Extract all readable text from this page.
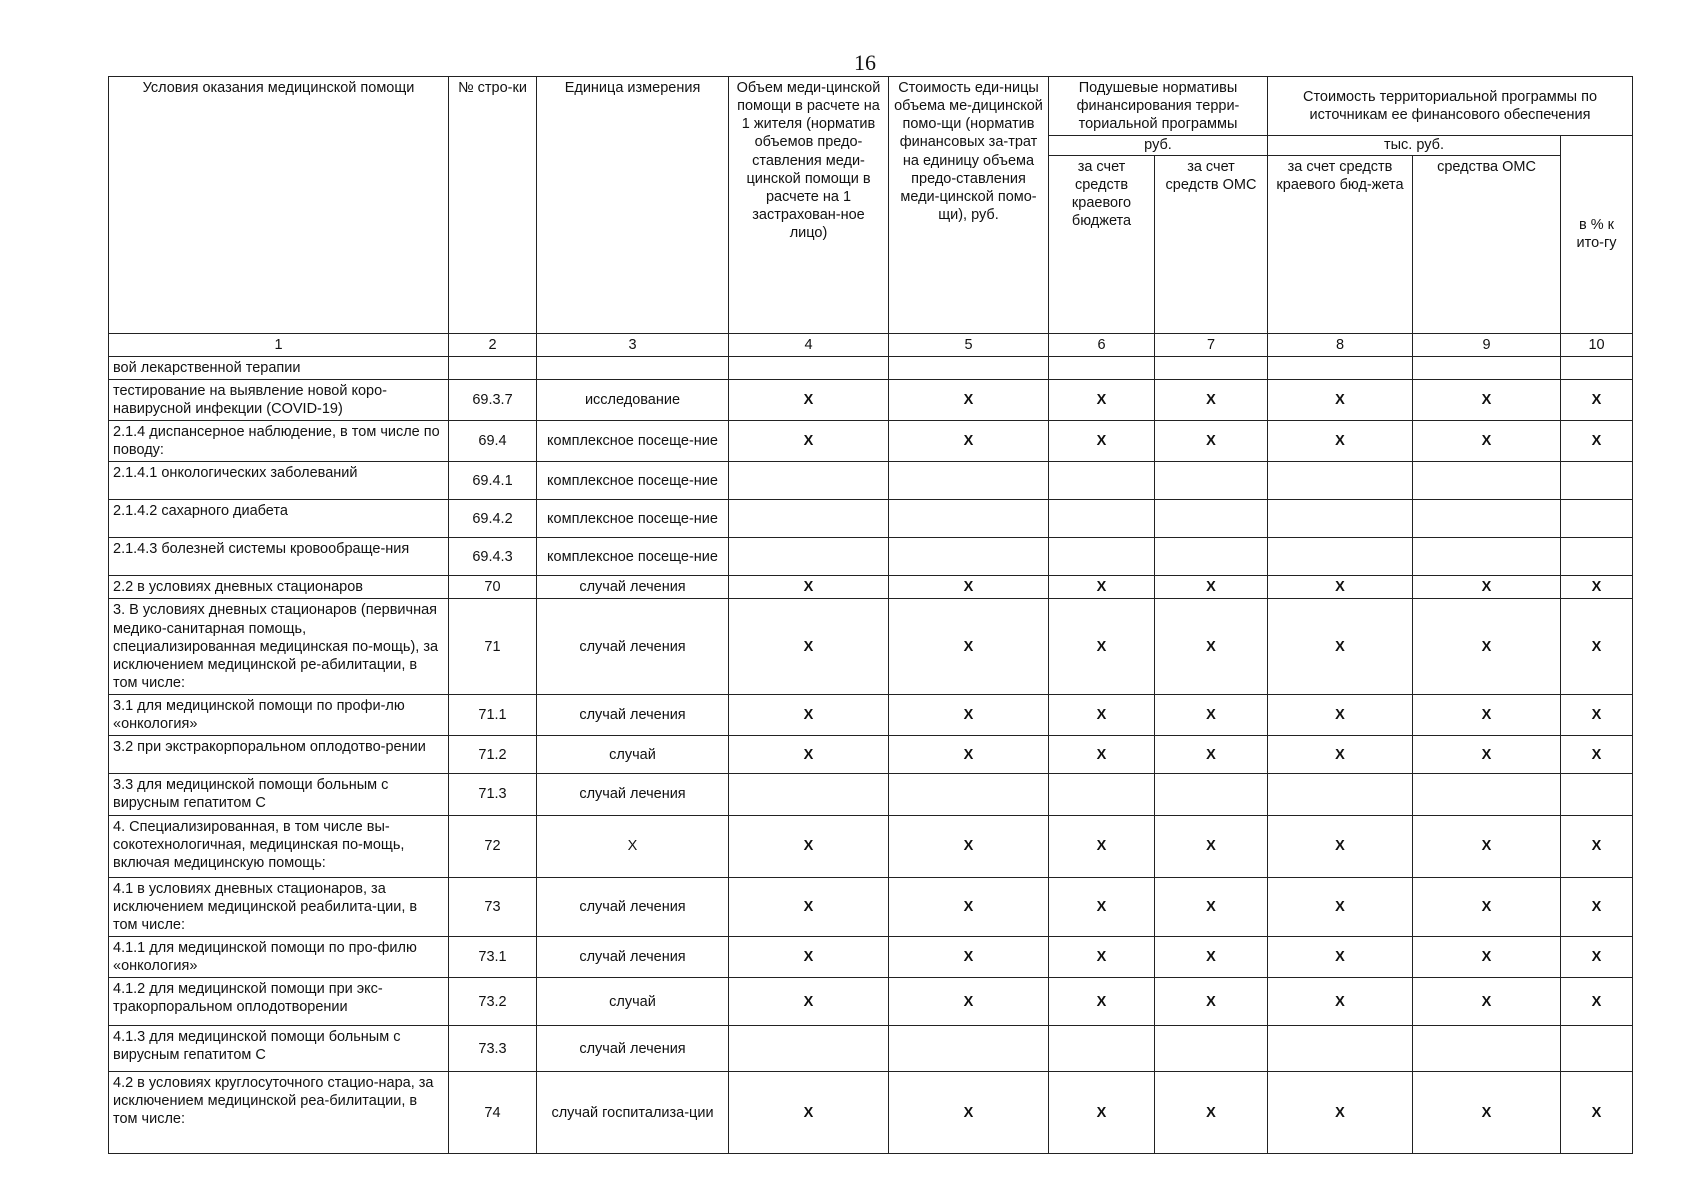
16
Условия оказания медицинской помощи	№ стро-ки	Единица измерения	Объем меди-цинской помощи в расчете на 1 жителя (норматив объемов предо-ставления меди-цинской помощи в расчете на 1 застрахован-ное лицо)	Стоимость еди-ницы объема ме-дицинской помо-щи (норматив финансовых за-трат на единицу объема предо-ставления меди-цинской помо-щи), руб.	Подушевые нормативы финансирования терри-ториальной программы		Стоимость территориальной программы по источникам ее финансового обеспечения		
					руб.		тыс. руб.		в % к ито-гу
					за счет средств краевого бюджета	за счет средств ОМС	за счет средств краевого бюд-жета	средства ОМС	
1	2	3	4	5	6	7	8	9	10
вой лекарственной терапии									
тестирование на выявление новой коро-навирусной инфекции (COVID-19)	69.3.7	исследование	X	X	X	X	X	X	X
2.1.4 диспансерное наблюдение, в том числе по поводу:	69.4	комплексное посеще-ние	X	X	X	X	X	X	X
2.1.4.1 онкологических заболеваний	69.4.1	комплексное посеще-ние							
2.1.4.2 сахарного диабета	69.4.2	комплексное посеще-ние							
2.1.4.3 болезней системы кровообраще-ния	69.4.3	комплексное посеще-ние							
2.2 в условиях дневных стационаров	70	случай лечения	X	X	X	X	X	X	X
3. В условиях дневных стационаров (первичная медико-санитарная помощь, специализированная медицинская по-мощь), за исключением медицинской ре-абилитации, в том числе:	71	случай лечения	X	X	X	X	X	X	X
3.1 для медицинской помощи по профи-лю «онкология»	71.1	случай лечения	X	X	X	X	X	X	X
3.2 при экстракорпоральном оплодотво-рении	71.2	случай	X	X	X	X	X	X	X
3.3 для медицинской помощи больным с вирусным гепатитом С	71.3	случай лечения							
4. Специализированная, в том числе вы-сокотехнологичная, медицинская по-мощь, включая медицинскую помощь:	72	X	X	X	X	X	X	X	X
4.1 в условиях дневных стационаров, за исключением медицинской реабилита-ции, в том числе:	73	случай лечения	X	X	X	X	X	X	X
4.1.1 для медицинской помощи по про-филю «онкология»	73.1	случай лечения	X	X	X	X	X	X	X
4.1.2 для медицинской помощи при экс-тракорпоральном оплодотворении	73.2	случай	X	X	X	X	X	X	X
4.1.3 для медицинской помощи больным с вирусным гепатитом С	73.3	случай лечения							
4.2 в условиях круглосуточного стацио-нара, за исключением медицинской реа-билитации, в том числе:	74	случай госпитализа-ции	X	X	X	X	X	X	X
